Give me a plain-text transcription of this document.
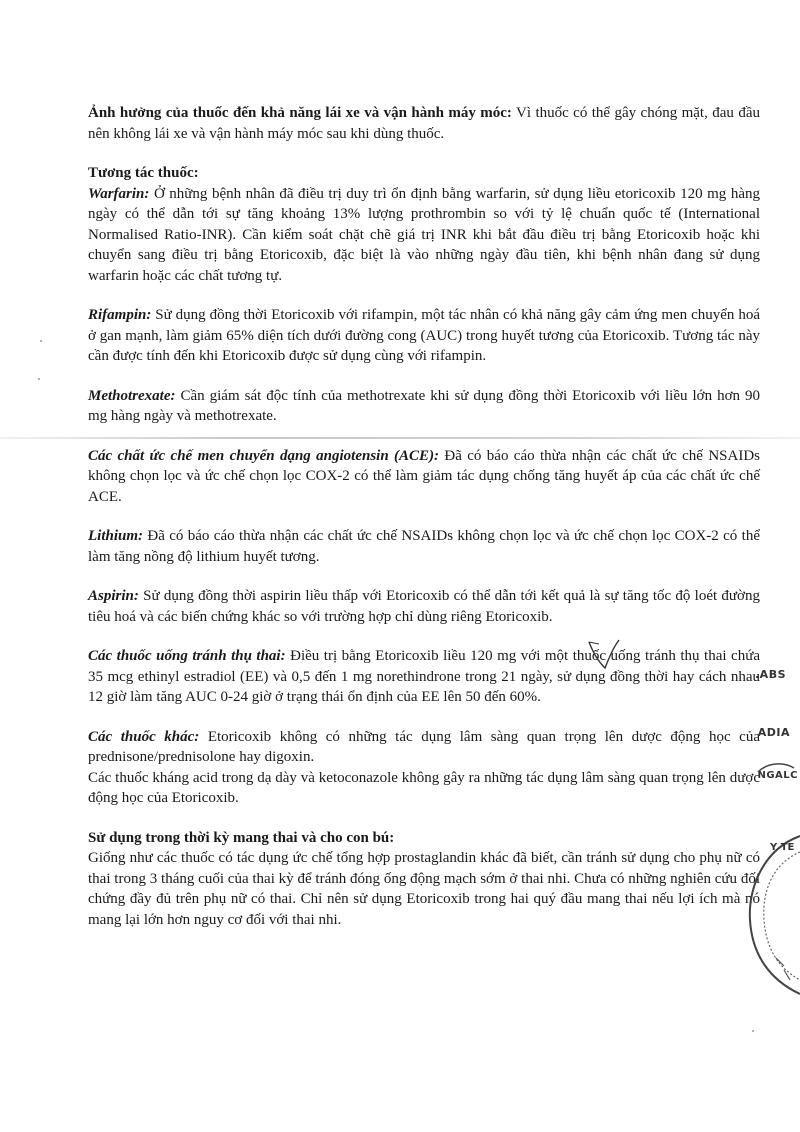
Ảnh hưởng của thuốc đến khả năng lái xe và vận hành máy móc: Vì thuốc có thể gây chóng mặt, đau đầu nên không lái xe và vận hành máy móc sau khi dùng thuốc.

Tương tác thuốc:
Warfarin: Ở những bệnh nhân đã điều trị duy trì ổn định bằng warfarin, sử dụng liều etoricoxib 120 mg hàng ngày có thể dẫn tới sự tăng khoảng 13% lượng prothrombin so với tỷ lệ chuẩn quốc tế (International Normalised Ratio-INR). Cần kiểm soát chặt chẽ giá trị INR khi bắt đầu điều trị bằng Etoricoxib hoặc khi chuyển sang điều trị bằng Etoricoxib, đặc biệt là vào những ngày đầu tiên, khi bệnh nhân đang sử dụng warfarin hoặc các chất tương tự.

Rifampin: Sử dụng đồng thời Etoricoxib với rifampin, một tác nhân có khả năng gây cảm ứng men chuyển hoá ở gan mạnh, làm giảm 65% diện tích dưới đường cong (AUC) trong huyết tương của Etoricoxib. Tương tác này cần được tính đến khi Etoricoxib được sử dụng cùng với rifampin.

Methotrexate: Cần giám sát độc tính của methotrexate khi sử dụng đồng thời Etoricoxib với liều lớn hơn 90 mg hàng ngày và methotrexate.

Các chất ức chế men chuyển dạng angiotensin (ACE): Đã có báo cáo thừa nhận các chất ức chế NSAIDs không chọn lọc và ức chế chọn lọc COX-2 có thể làm giảm tác dụng chống tăng huyết áp của các chất ức chế ACE.

Lithium: Đã có báo cáo thừa nhận các chất ức chế NSAIDs không chọn lọc và ức chế chọn lọc COX-2 có thể làm tăng nồng độ lithium huyết tương.

Aspirin: Sử dụng đồng thời aspirin liều thấp với Etoricoxib có thể dẫn tới kết quả là sự tăng tốc độ loét đường tiêu hoá và các biến chứng khác so với trường hợp chỉ dùng riêng Etoricoxib.

Các thuốc uống tránh thụ thai: Điều trị bằng Etoricoxib liều 120 mg với một thuốc uống tránh thụ thai chứa 35 mcg ethinyl estradiol (EE) và 0,5 đến 1 mg norethindrone trong 21 ngày, sử dụng đồng thời hay cách nhau 12 giờ làm tăng AUC 0-24 giờ ở trạng thái ổn định của EE lên 50 đến 60%.

Các thuốc khác: Etoricoxib không có những tác dụng lâm sàng quan trọng lên dược động học của prednisone/prednisolone hay digoxin.
Các thuốc kháng acid trong dạ dày và ketoconazole không gây ra những tác dụng lâm sàng quan trọng lên dược động học của Etoricoxib.
Sử dụng trong thời kỳ mang thai và cho con bú:
Giống như các thuốc có tác dụng ức chế tổng hợp prostaglandin khác đã biết, cần tránh sử dụng cho phụ nữ có thai trong 3 tháng cuối của thai kỳ để tránh đóng ống động mạch sớm ở thai nhi. Chưa có những nghiên cứu đối chứng đầy đủ trên phụ nữ có thai. Chỉ nên sử dụng Etoricoxib trong hai quý đầu mang thai nếu lợi ích mà nó mang lại lớn hơn nguy cơ đối với thai nhi.
.ABS
ADIA
NGALC
Y TE
